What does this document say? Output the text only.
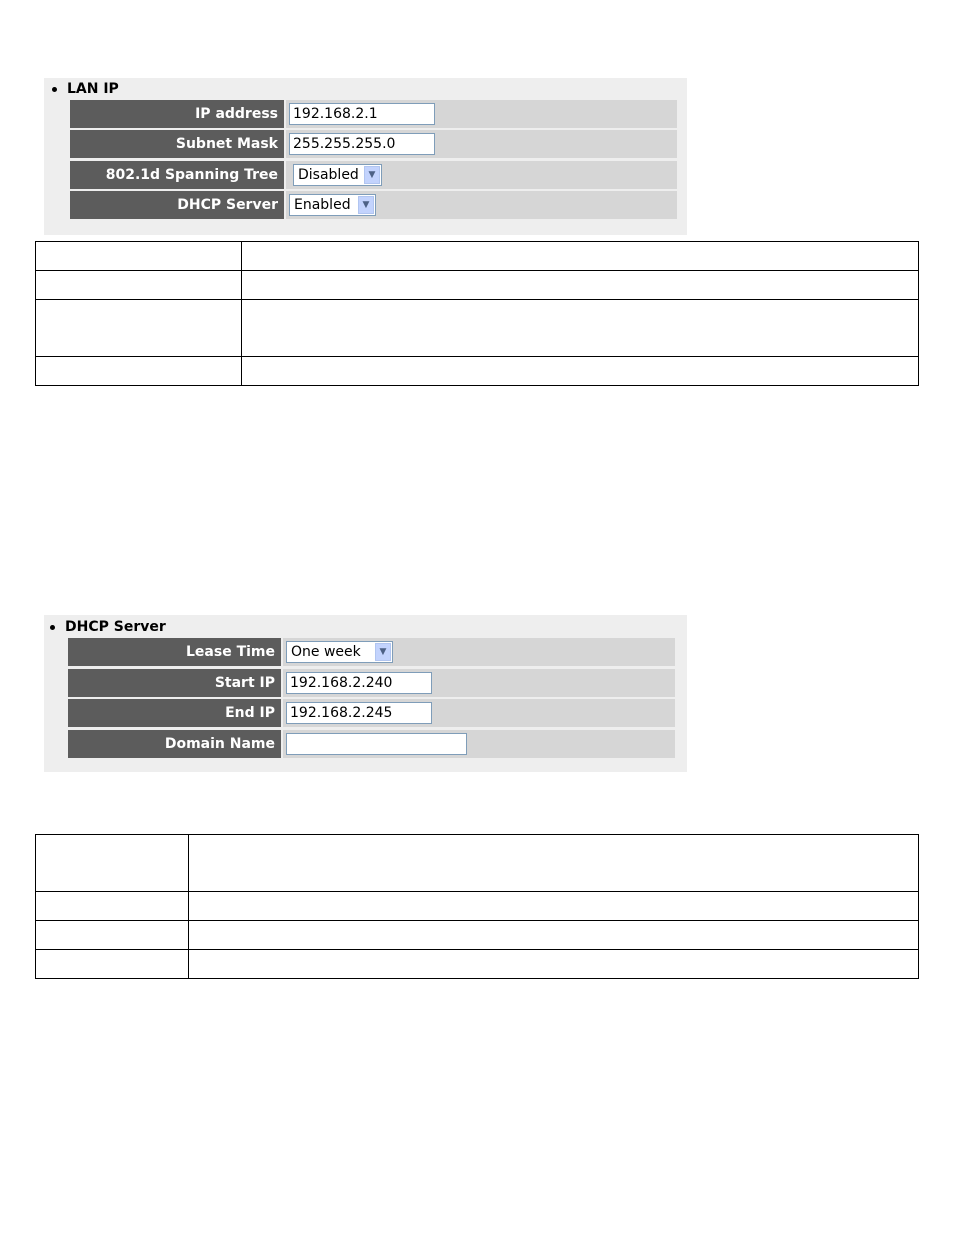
LAN IP
IP address	192.168.2.1
Subnet Mask	255.255.255.0
802.1d Spanning Tree	Disabled	▼
DHCP Server	Enabled	▼

DHCP Server
Lease Time	One week	▼
Start IP	192.168.2.240
End IP	192.168.2.245
Domain Name
